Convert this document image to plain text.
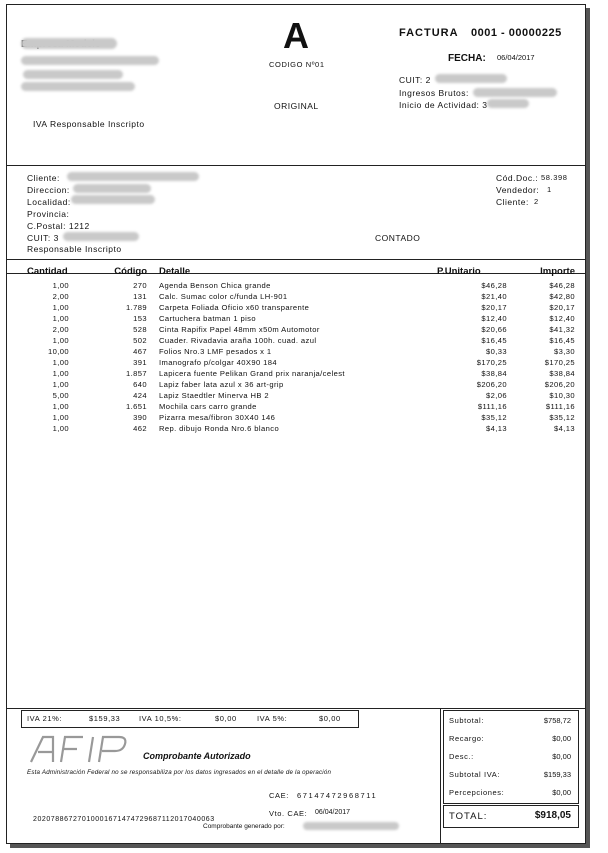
A
CODIGO Nº01
ORIGINAL
FACTURA 0001 - 00000225
FECHA: 06/04/2017
CUIT: 2
Ingresos Brutos:
Inicio de Actividad: 3
IVA Responsable Inscripto
Cliente:
Direccion:
Localidad:
Provincia:
C.Postal: 1212
CUIT: 3
Responsable Inscripto
CONTADO
Cód.Doc.: 58.398
Vendedor: 1
Cliente: 2
Cantidad	Código	Detalle	P.Unitario	Importe

1,00	270	Agenda Benson Chica grande	$46,28	$46,28
2,00	131	Calc. Sumac color c/funda LH-901	$21,40	$42,80
1,00	1.789	Carpeta Foliada Oficio x60 transparente	$20,17	$20,17
1,00	153	Cartuchera batman 1 piso	$12,40	$12,40
2,00	528	Cinta Rapifix Papel 48mm x50m Automotor	$20,66	$41,32
1,00	502	Cuader. Rivadavia araña 100h. cuad. azul	$16,45	$16,45
10,00	467	Folios Nro.3 LMF pesados x 1	$0,33	$3,30
1,00	391	Imanografo p/colgar 40X90 184	$170,25	$170,25
1,00	1.857	Lapicera fuente Pelikan Grand prix naranja/celest	$38,84	$38,84
1,00	640	Lapiz faber lata azul x 36 art-grip	$206,20	$206,20
5,00	424	Lapiz Staedtler Minerva HB 2	$2,06	$10,30
1,00	1.651	Mochila cars carro grande	$111,16	$111,16
1,00	390	Pizarra mesa/fibron 30X40 146	$35,12	$35,12
1,00	462	Rep. dibujo Ronda Nro.6 blanco	$4,13	$4,13
IVA 21%:	$159,33 IVA 10,5%:	$0,00	IVA 5%:	$0,00
AFIP	Comprobante Autorizado
Esta Administración Federal no se responsabiliza por los datos ingresados en el detalle de la operación
20207886727010001671474729687112017040063
CAE: 67147472968711
Vto. CAE: 06/04/2017
Comprobante generado por:
Subtotal:	$758,72
Recargo:	$0,00
Desc.:	$0,00
Subtotal IVA:	$159,33
Percepciones:	$0,00
TOTAL:	$918,05
